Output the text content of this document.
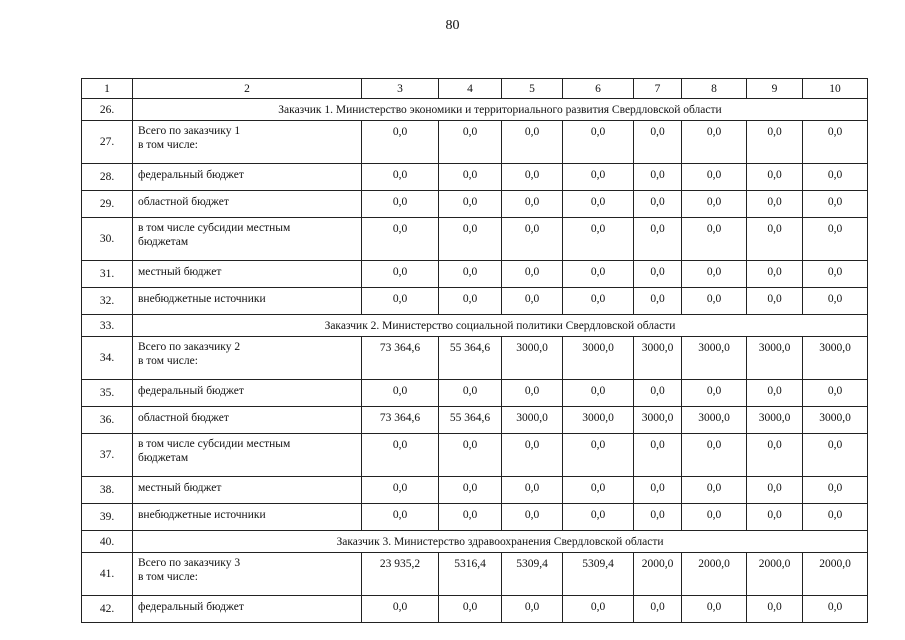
80
1	2	3	4	5	6	7	8	9	10
26.	Заказчик 1. Министерство экономики и территориального развития Свердловской области								
27.	Всего по заказчику 1
в том числе:	0,0	0,0	0,0	0,0	0,0	0,0	0,0	0,0
28.	федеральный бюджет	0,0	0,0	0,0	0,0	0,0	0,0	0,0	0,0
29.	областной бюджет	0,0	0,0	0,0	0,0	0,0	0,0	0,0	0,0
30.	в том числе субсидии местным
бюджетам	0,0	0,0	0,0	0,0	0,0	0,0	0,0	0,0
31.	местный бюджет	0,0	0,0	0,0	0,0	0,0	0,0	0,0	0,0
32.	внебюджетные источники	0,0	0,0	0,0	0,0	0,0	0,0	0,0	0,0
33.	Заказчик 2. Министерство социальной политики Свердловской области								
34.	Всего по заказчику 2
в том числе:	73 364,6	55 364,6	3000,0	3000,0	3000,0	3000,0	3000,0	3000,0
35.	федеральный бюджет	0,0	0,0	0,0	0,0	0,0	0,0	0,0	0,0
36.	областной бюджет	73 364,6	55 364,6	3000,0	3000,0	3000,0	3000,0	3000,0	3000,0
37.	в том числе субсидии местным
бюджетам	0,0	0,0	0,0	0,0	0,0	0,0	0,0	0,0
38.	местный бюджет	0,0	0,0	0,0	0,0	0,0	0,0	0,0	0,0
39.	внебюджетные источники	0,0	0,0	0,0	0,0	0,0	0,0	0,0	0,0
40.	Заказчик 3. Министерство здравоохранения Свердловской области								
41.	Всего по заказчику 3
в том числе:	23 935,2	5316,4	5309,4	5309,4	2000,0	2000,0	2000,0	2000,0
42.	федеральный бюджет	0,0	0,0	0,0	0,0	0,0	0,0	0,0	0,0
